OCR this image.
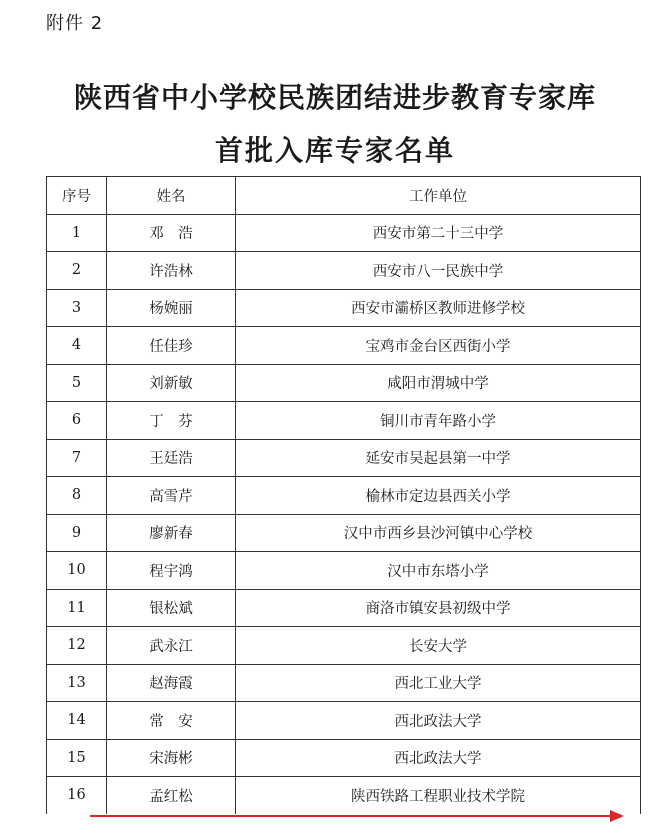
附件 2
陕西省中小学校民族团结进步教育专家库
首批入库专家名单
序号	姓名	工作单位
1	邓　浩	西安市第二十三中学
2	许浩林	西安市八一民族中学
3	杨婉丽	西安市灞桥区教师进修学校
4	任佳珍	宝鸡市金台区西街小学
5	刘新敏	咸阳市渭城中学
6	丁　芬	铜川市青年路小学
7	王廷浩	延安市吴起县第一中学
8	高雪芹	榆林市定边县西关小学
9	廖新春	汉中市西乡县沙河镇中心学校
10	程宇鸿	汉中市东塔小学
11	银松斌	商洛市镇安县初级中学
12	武永江	长安大学
13	赵海霞	西北工业大学
14	常　安	西北政法大学
15	宋海彬	西北政法大学
16	孟红松	陕西铁路工程职业技术学院
